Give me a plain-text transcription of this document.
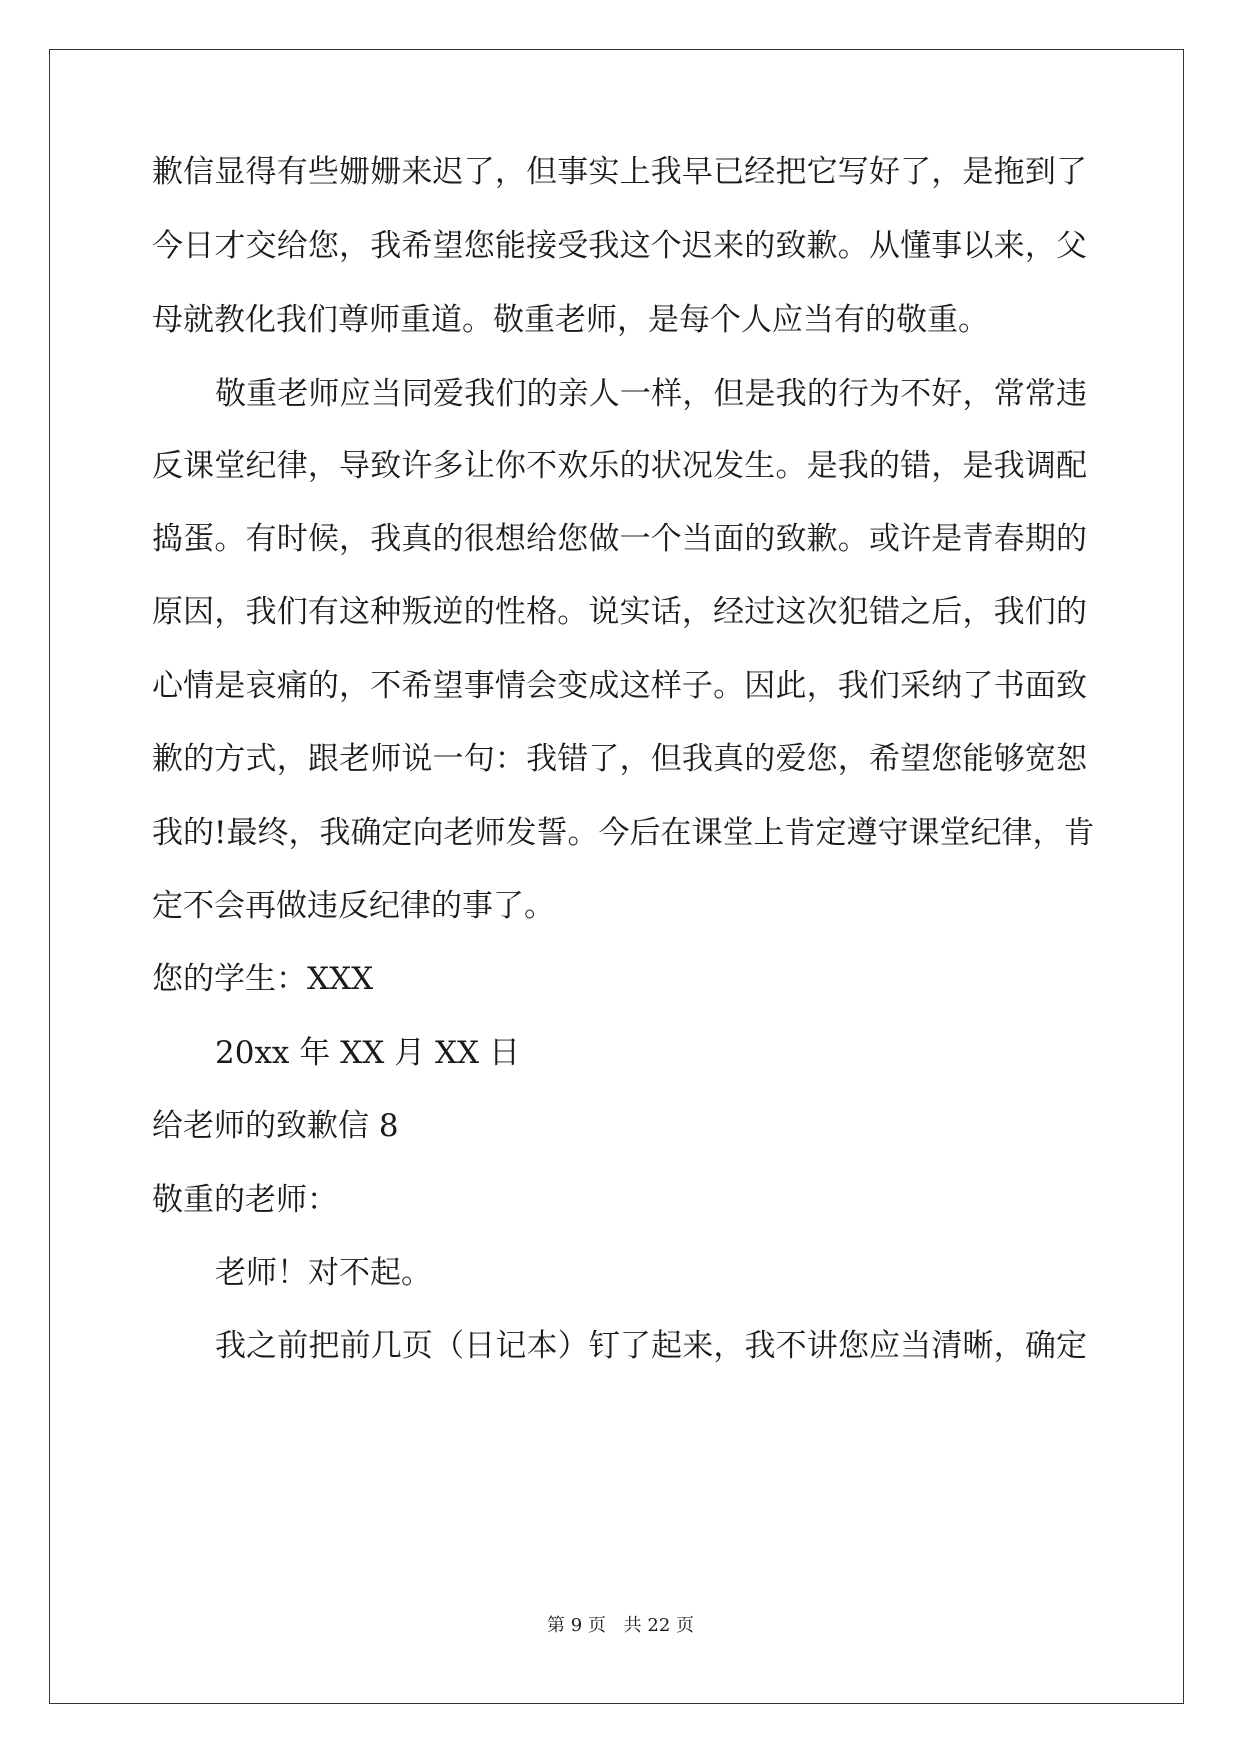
歉信显得有些姗姗来迟了，但事实上我早已经把它写好了，是拖到了
今日才交给您，我希望您能接受我这个迟来的致歉。从懂事以来，父
母就教化我们尊师重道。敬重老师，是每个人应当有的敬重。
敬重老师应当同爱我们的亲人一样，但是我的行为不好，常常违
反课堂纪律，导致许多让你不欢乐的状况发生。是我的错，是我调配
捣蛋。有时候，我真的很想给您做一个当面的致歉。或许是青春期的
原因，我们有这种叛逆的性格。说实话，经过这次犯错之后，我们的
心情是哀痛的，不希望事情会变成这样子。因此，我们采纳了书面致
歉的方式，跟老师说一句：我错了，但我真的爱您，希望您能够宽恕
我的!最终，我确定向老师发誓。今后在课堂上肯定遵守课堂纪律，肯
定不会再做违反纪律的事了。
您的学生：XXX
20xx 年 XX 月 XX 日
给老师的致歉信 8
敬重的老师：
老师！对不起。
我之前把前几页（日记本）钉了起来，我不讲您应当清晰，确定
第 9 页 共 22 页
